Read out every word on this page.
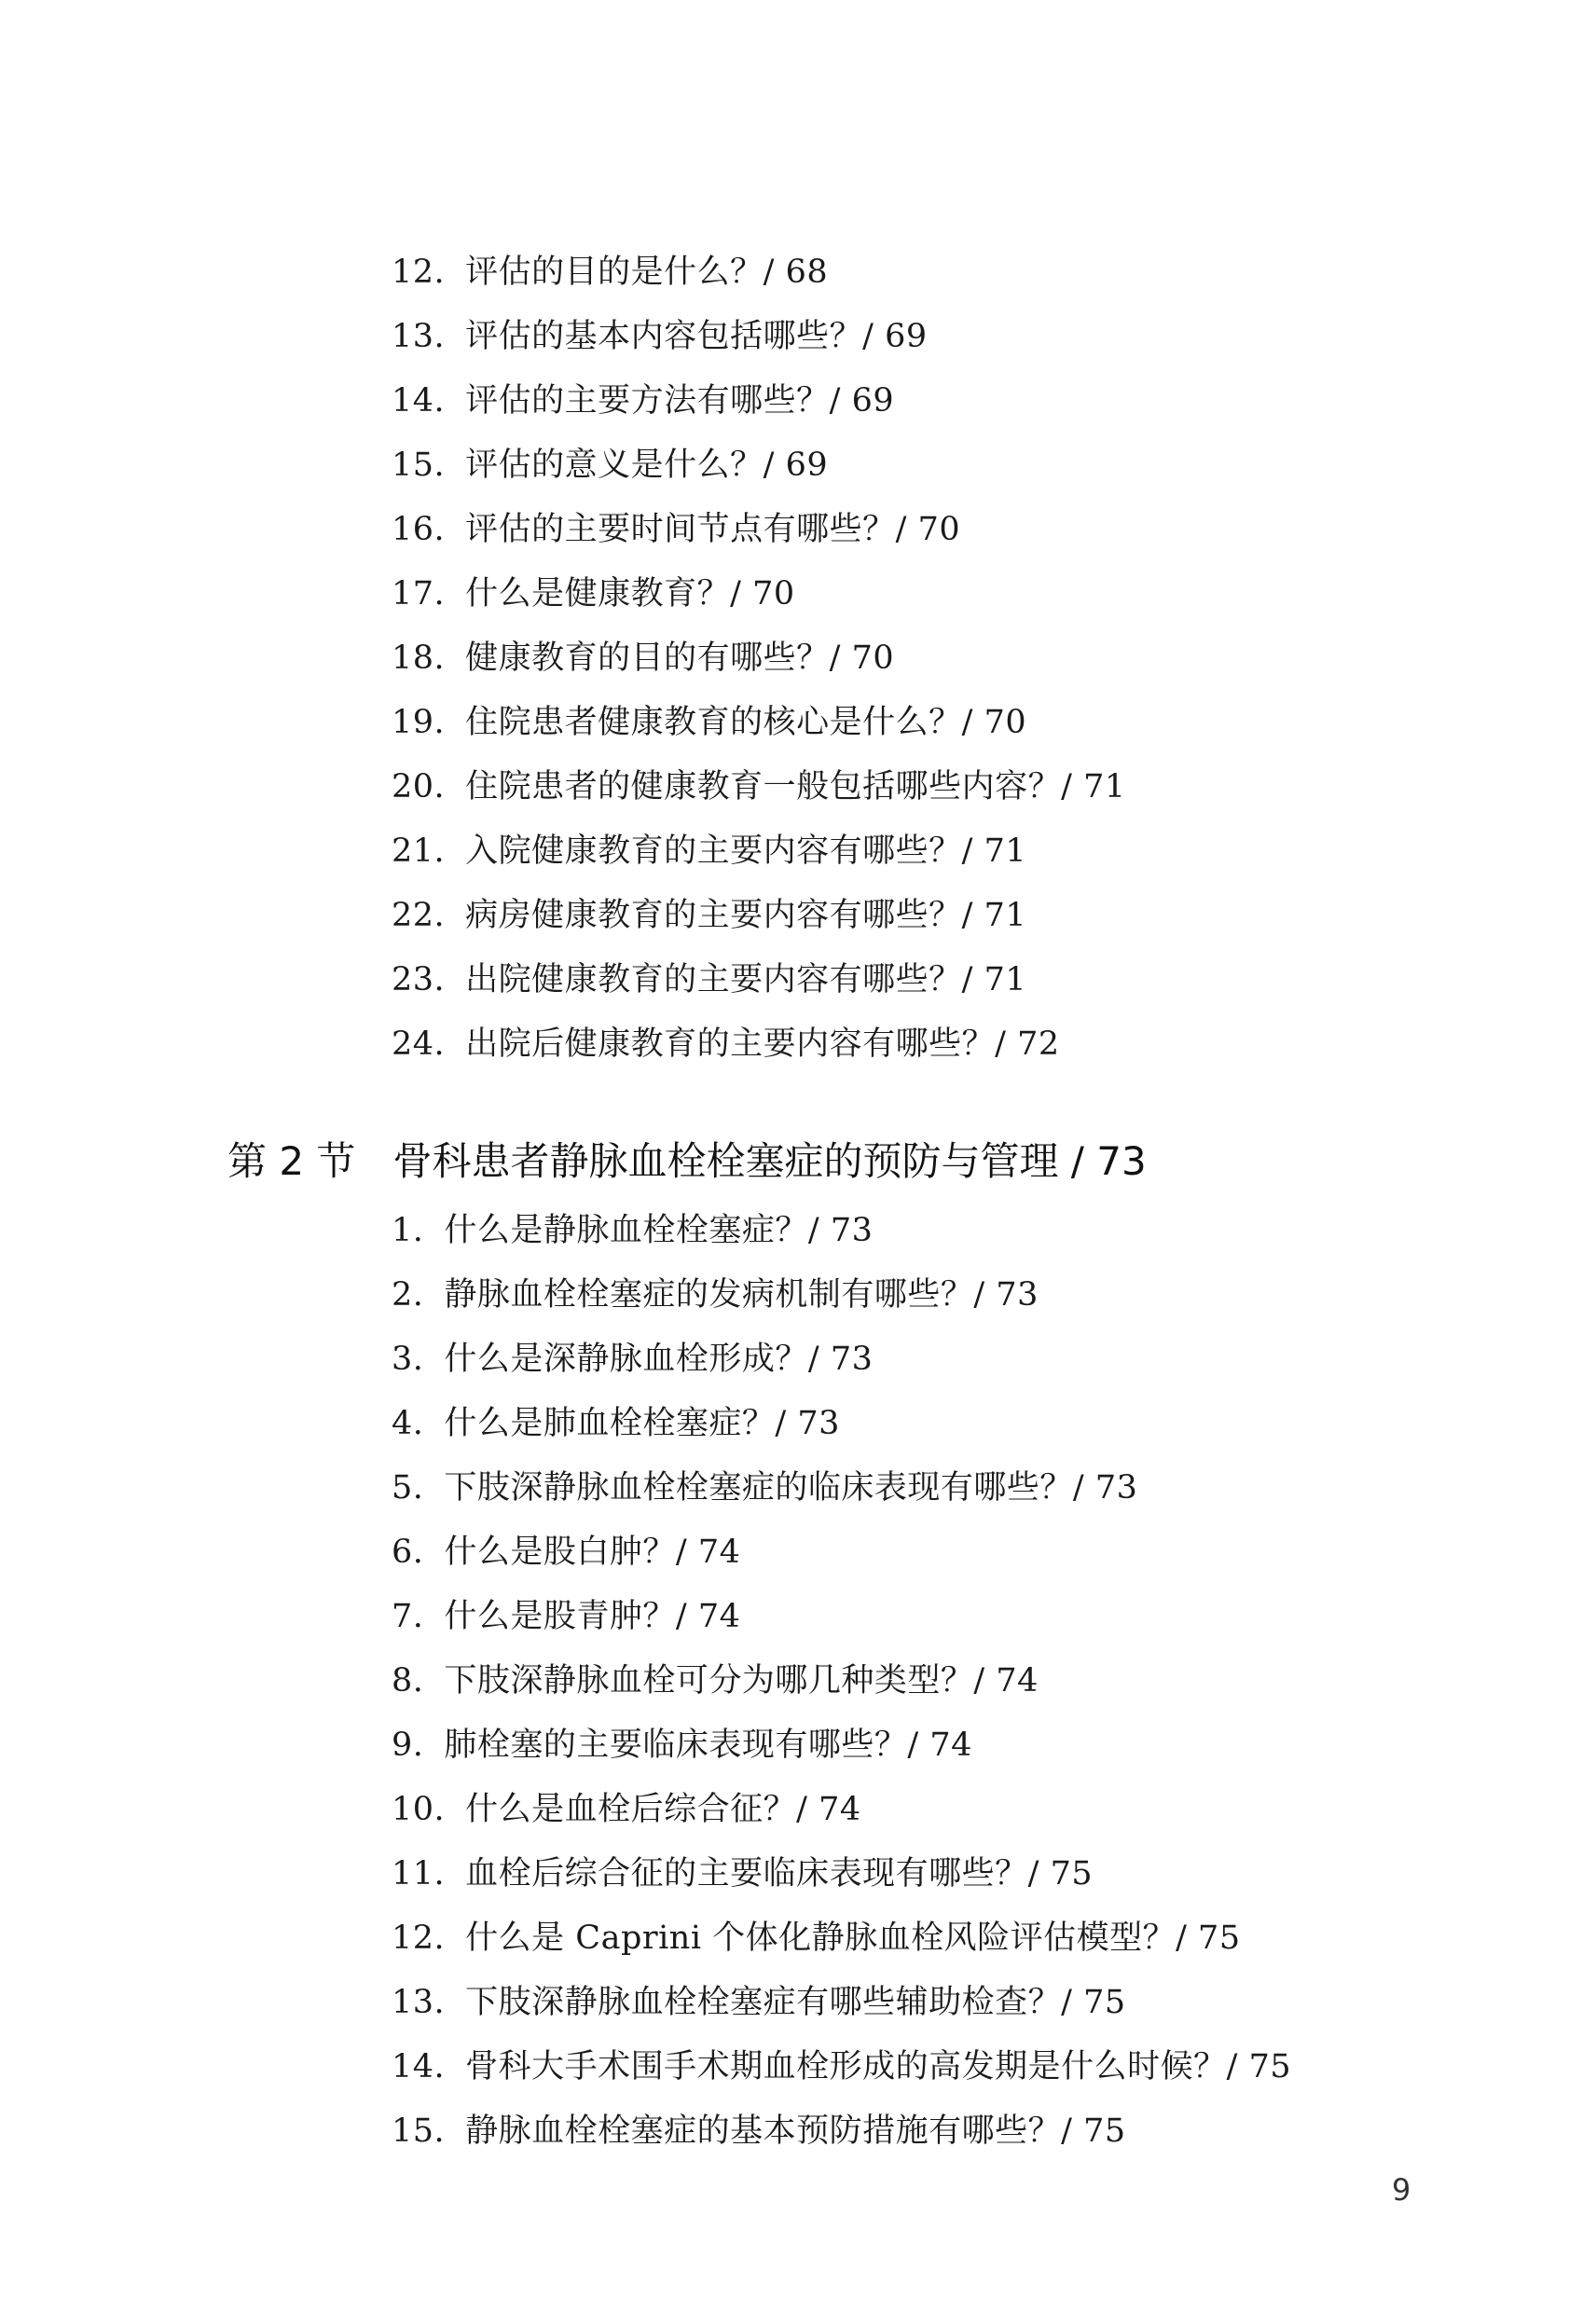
12. 评估的目的是什么？/ 68
13. 评估的基本内容包括哪些？/ 69
14. 评估的主要方法有哪些？/ 69
15. 评估的意义是什么？/ 69
16. 评估的主要时间节点有哪些？/ 70
17. 什么是健康教育？/ 70
18. 健康教育的目的有哪些？/ 70
19. 住院患者健康教育的核心是什么？/ 70
20. 住院患者的健康教育一般包括哪些内容？/ 71
21. 入院健康教育的主要内容有哪些？/ 71
22. 病房健康教育的主要内容有哪些？/ 71
23. 出院健康教育的主要内容有哪些？/ 71
24. 出院后健康教育的主要内容有哪些？/ 72
第 2 节 骨科患者静脉血栓栓塞症的预防与管理 / 73
1. 什么是静脉血栓栓塞症？/ 73
2. 静脉血栓栓塞症的发病机制有哪些？/ 73
3. 什么是深静脉血栓形成？/ 73
4. 什么是肺血栓栓塞症？/ 73
5. 下肢深静脉血栓栓塞症的临床表现有哪些？/ 73
6. 什么是股白肿？/ 74
7. 什么是股青肿？/ 74
8. 下肢深静脉血栓可分为哪几种类型？/ 74
9. 肺栓塞的主要临床表现有哪些？/ 74
10. 什么是血栓后综合征？/ 74
11. 血栓后综合征的主要临床表现有哪些？/ 75
12. 什么是 Caprini 个体化静脉血栓风险评估模型？/ 75
13. 下肢深静脉血栓栓塞症有哪些辅助检查？/ 75
14. 骨科大手术围手术期血栓形成的高发期是什么时候？/ 75
15. 静脉血栓栓塞症的基本预防措施有哪些？/ 75
9
